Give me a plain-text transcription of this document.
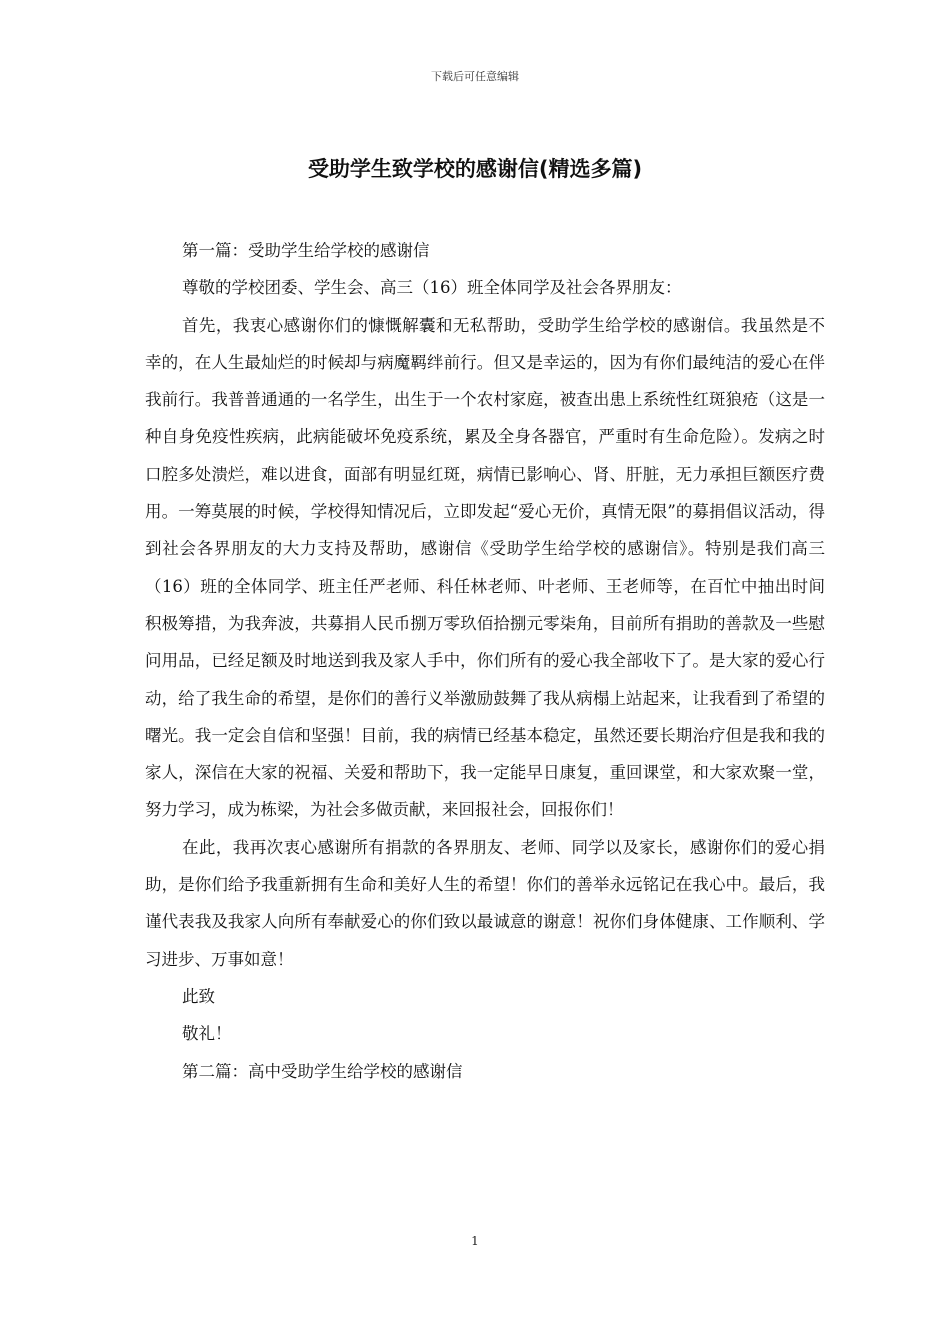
下载后可任意编辑
受助学生致学校的感谢信(精选多篇)

第一篇：受助学生给学校的感谢信

尊敬的学校团委、学生会、高三（16）班全体同学及社会各界朋友：

首先，我衷心感谢你们的慷慨解囊和无私帮助，受助学生给学校的感谢信。我虽然是不幸的，在人生最灿烂的时候却与病魔羁绊前行。但又是幸运的，因为有你们最纯洁的爱心在伴我前行。我普普通通的一名学生，出生于一个农村家庭，被查出患上系统性红斑狼疮（这是一种自身免疫性疾病，此病能破坏免疫系统，累及全身各器官，严重时有生命危险）。发病之时口腔多处溃烂，难以进食，面部有明显红斑，病情已影响心、肾、肝脏，无力承担巨额医疗费用。一筹莫展的时候，学校得知情况后，立即发起“爱心无价，真情无限”的募捐倡议活动，得到社会各界朋友的大力支持及帮助，感谢信《受助学生给学校的感谢信》。特别是我们高三（16）班的全体同学、班主任严老师、科任林老师、叶老师、王老师等，在百忙中抽出时间积极筹措，为我奔波，共募捐人民币捌万零玖佰拾捌元零柒角，目前所有捐助的善款及一些慰问用品，已经足额及时地送到我及家人手中，你们所有的爱心我全部收下了。是大家的爱心行动，给了我生命的希望，是你们的善行义举激励鼓舞了我从病榻上站起来，让我看到了希望的曙光。我一定会自信和坚强！目前，我的病情已经基本稳定，虽然还要长期治疗但是我和我的家人，深信在大家的祝福、关爱和帮助下，我一定能早日康复，重回课堂，和大家欢聚一堂，努力学习，成为栋梁，为社会多做贡献，来回报社会，回报你们！

在此，我再次衷心感谢所有捐款的各界朋友、老师、同学以及家长，感谢你们的爱心捐助，是你们给予我重新拥有生命和美好人生的希望！你们的善举永远铭记在我心中。最后，我谨代表我及我家人向所有奉献爱心的你们致以最诚意的谢意！祝你们身体健康、工作顺利、学习进步、万事如意！

此致

敬礼！

第二篇：高中受助学生给学校的感谢信

1
